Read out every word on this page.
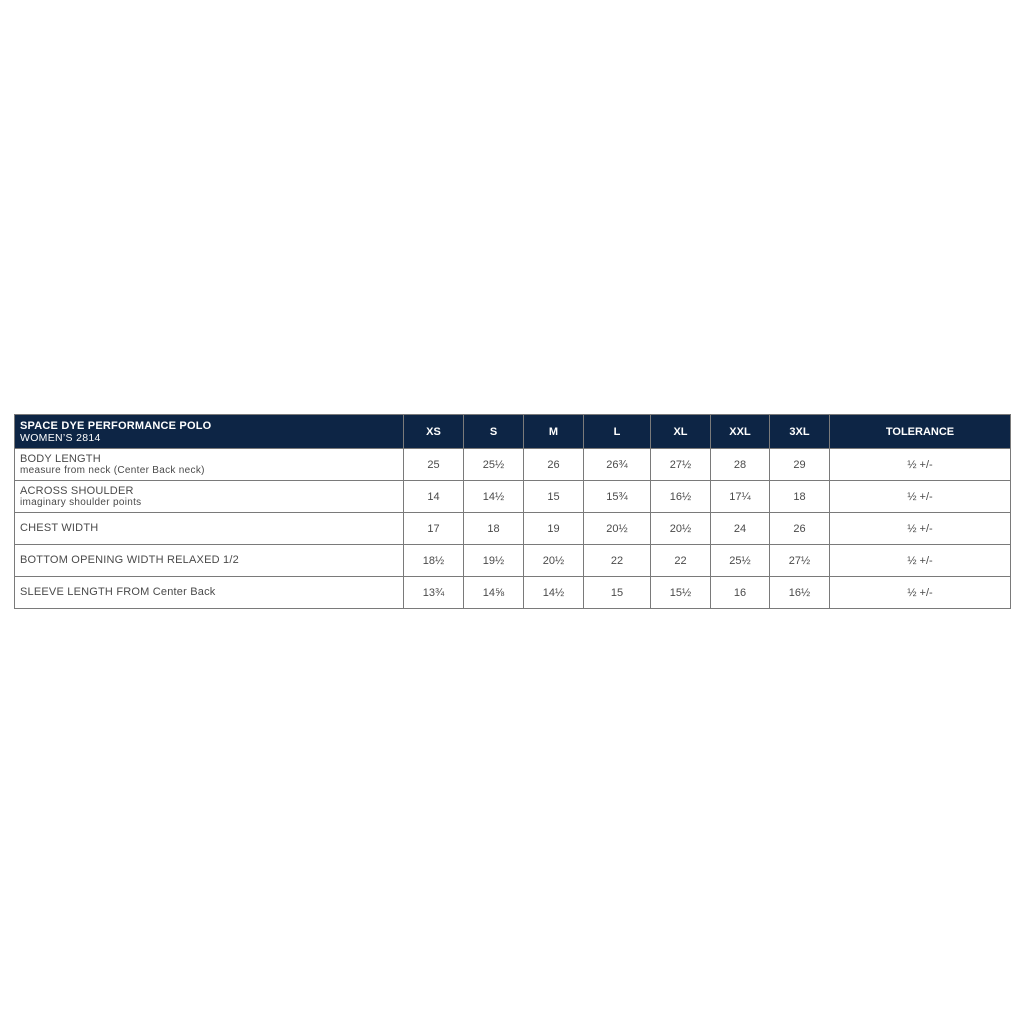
SPACE DYE PERFORMANCE POLO
WOMEN’S 2814	XS	S	M	L	XL	XXL	3XL	TOLERANCE

BODY LENGTH
measure from neck (Center Back neck)	25	25½	26	26¾	27½	28	29	½ +/-

ACROSS SHOULDER
imaginary shoulder points	14	14½	15	15¾	16½	17¼	18	½ +/-

CHEST WIDTH	17	18	19	20½	20½	24	26	½ +/-

BOTTOM OPENING WIDTH RELAXED 1/2	18½	19½	20½	22	22	25½	27½	½ +/-

SLEEVE LENGTH FROM Center Back	13¾	14⅝	14½	15	15½	16	16½	½ +/-
